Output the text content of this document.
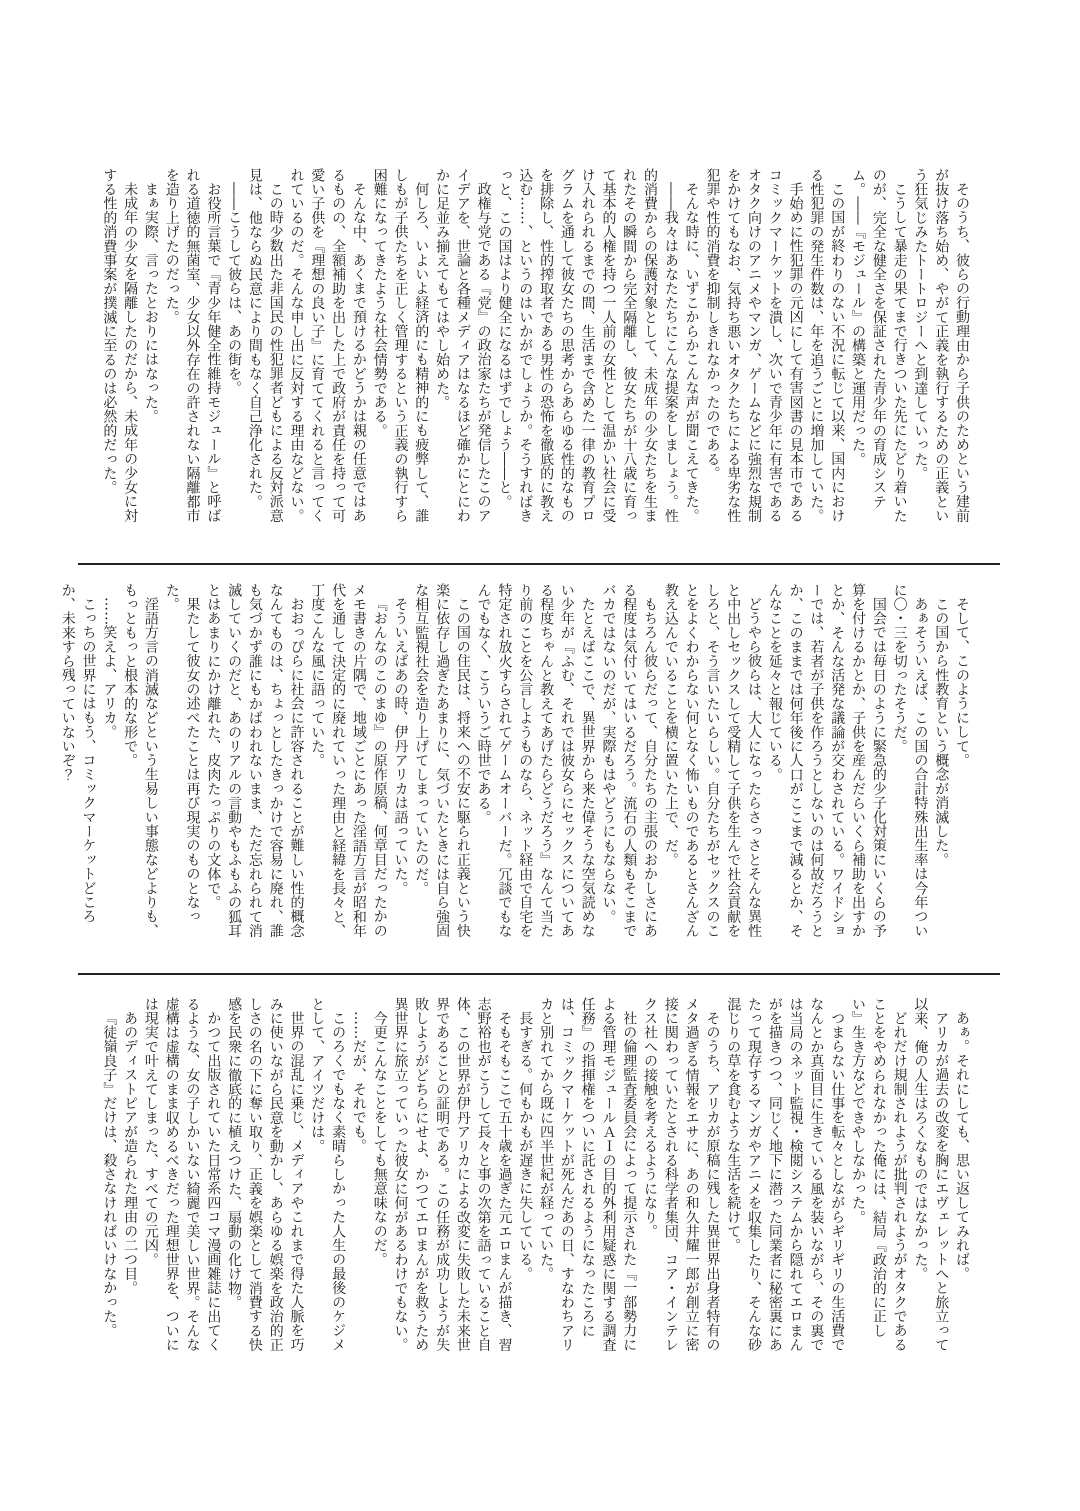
そのうち、彼らの行動理由から子供のためという建前が抜け落ち始め、やがて正義を執行するための正義という狂気じみたトートロジーへと到達していった。

こうして暴走の果てまで行きついた先にたどり着いたのが、完全な健全さを保証された青少年の育成システム。――『モジュール』の構築と運用だった。

この国が終わりのない不況に転じて以来、国内における性犯罪の発生件数は、年を追うごとに増加していた。

手始めに性犯罪の元凶にして有害図書の見本市であるコミックマーケットを潰し、次いで青少年に有害であるオタク向けのアニメやマンガ、ゲームなどに強烈な規制をかけてもなお、気持ち悪いオタクたちによる卑劣な性犯罪や性的消費を抑制しきれなかったのである。

そんな時に、いずこからかこんな声が聞こえてきた。

――我々はあなたたちにこんな提案をしましょう。性的消費からの保護対象として、未成年の少女たちを生まれたその瞬間から完全隔離し、彼女たちが十八歳に育って基本的人権を持つ一人前の女性として温かい社会に受け入れられるまでの間、生活まで含めた一律の教育プログラムを通して彼女たちの思考からあらゆる性的なものを排除し、性的搾取者である男性の恐怖を徹底的に教え込む……、というのはいかがでしょうか。そうすればきっと、この国はより健全になるはずでしょう――と。

政権与党である『党』の政治家たちが発信したこのアイデアを、世論と各種メディアはなるほど確かにとにわかに足並み揃えてもてはやし始めた。

何しろ、いよいよ経済的にも精神的にも疲弊して、誰しもが子供たちを正しく管理するという正義の執行すら困難になってきたような社会情勢である。

そんな中、あくまで預けるかどうかは親の任意ではあるものの、全額補助を出した上で政府が責任を持って可愛い子供を『理想の良い子』に育ててくれると言ってくれているのだ。そんな申し出に反対する理由などない。

この時少数出た非国民の性犯罪者どもによる反対派意見は、他ならぬ民意により間もなく自己浄化された。

――こうして彼らは、あの街を。

お役所言葉で『青少年健全性維持モジュール』と呼ばれる道徳的無菌室、少女以外存在の許されない隔離都市を造り上げたのだった。

まぁ実際、言ったとおりにはなった。

未成年の少女を隔離したのだから、未成年の少女に対する性的消費事案が撲滅に至るのは必然的だった。

そして、このようにして。

この国から性教育という概念が消滅した。

あぁそういえば、この国の合計特殊出生率は今年ついに〇・三を切ったそうだ。

国会では毎日のように緊急的少子化対策にいくらの予算を付けるかとか、子供を産んだらいくら補助を出すかとか、そんな活発な議論が交わされている。ワイドショーでは、若者が子供を作ろうとしないのは何故だろうとか、このままでは何年後に人口がここまで減るとか、そんなことを延々と報じている。

どうやら彼らは、大人になったらさっさとそんな異性と中出しセックスして受精して子供を生んで社会貢献をしろと、そう言いたいらしい。自分たちがセックスのことをよくわからない何となく怖いものであるとさんざん教え込んでいることを横に置いた上で、だ。

もちろん彼らだって、自分たちの主張のおかしさにある程度は気付いてはいるだろう。流石の人類もそこまでバカではないのだが、実際もはやどうにもならない。

たとえばここで、異世界から来た偉そうな空気読めない少年が『ふむ、それでは彼女らにセックスについてある程度ちゃんと教えてあげたらどうだろう』なんて当たり前のことを公言しようものなら、ネット経由で自宅を特定され放火すらされてゲームオーバーだ。冗談でもなんでもなく、こういうご時世である。

この国の住民は、将来への不安に駆られ正義という快楽に依存し過ぎたあまりに、気づいたときには自ら強固な相互監視社会を造り上げてしまっていたのだ。

そういえばあの時、伊丹アリカは語っていた。

『おんなのこのまゆ』の原作原稿、何章目だったかのメモ書きの片隅で、地域ごとにあった淫語方言が昭和年代を通して決定的に廃れていった理由と経緯を長々と、丁度こんな風に語っていた。

おおっぴらに社会に許容されることが難しい性的概念なんてものは、ちょっとしたきっかけで容易に廃れ、誰も気づかず誰にもかばわれないまま、ただ忘れられて消滅していくのだと、あのリアルの言動やもふもふの狐耳とはあまりにかけ離れた、皮肉たっぷりの文体で。

果たして彼女の述べたことは再び現実のものとなった。

淫語方言の消滅などという生易しい事態などよりも、もっともっと根本的な形で。

……笑えよ、アリカ。

こっちの世界にはもう、コミックマーケットどころか、未来すら残っていないぞ？

あぁ。それにしても、思い返してみれば。

アリカが過去の改変を胸にエヴェレットへと旅立って以来、俺の人生はろくなものではなかった。

どれだけ規制されようが批判されようがオタクであることをやめられなかった俺には、結局『政治的に正しい』生き方などできやしなかった。

つまらない仕事を転々としながらギリギリの生活費でなんとか真面目に生きている風を装いながら、その裏では当局のネット監視・検閲システムから隠れてエロまんがを描きつつ、同じく地下に潜った同業者に秘密裏にあたって現存するマンガやアニメを収集したり、そんな砂混じりの草を食むような生活を続けて。

そのうち、アリカが原稿に残した異世界出身者特有のメタ過ぎる情報をエサに、あの和久井耀一郎が創立に密接に関わっていたとされる科学者集団、コア・インテレクス社への接触を考えるようになり。

社の倫理監査委員会によって提示された『一部勢力による管理モジュールＡＩの目的外利用疑惑に関する調査任務』の指揮権をついに託されるようになったころには、コミックマーケットが死んだあの日、すなわちアリカと別れてから既に四半世紀が経っていた。

長すぎる。何もかもが遅きに失している。

そもそもここで五十歳を過ぎた元エロまんが描き、習志野裕也がこうして長々と事の次第を語っていること自体、この世界が伊丹アリカによる改変に失敗した未来世界であることの証明である。この任務が成功しようが失敗しようがどちらにせよ、かつてエロまんがを救うため異世界に旅立っていった彼女に何があるわけでもない。

今更こんなことをしても無意味なのだ。

……だが、それでも。

このろくでもなく素晴らしかった人生の最後のケジメとして、アイツだけは。

世界の混乱に乗じ、メディアやこれまで得た人脈を巧みに使いながら民意を動かし、あらゆる娯楽を政治的正しさの名の下に奪い取り、正義を娯楽として消費する快感を民衆に徹底的に植えつけた、扇動の化け物。

かつて出版されていた日常系四コマ漫画雑誌に出てくるような、女の子しかいない綺麗で美しい世界。そんな虚構は虚構のまま収めるべきだった理想世界を、ついには現実で叶えてしまった、すべての元凶。

あのディストピアが造られた理由の二つ目。

『徒嶺良子』だけは、殺さなければいけなかった。
